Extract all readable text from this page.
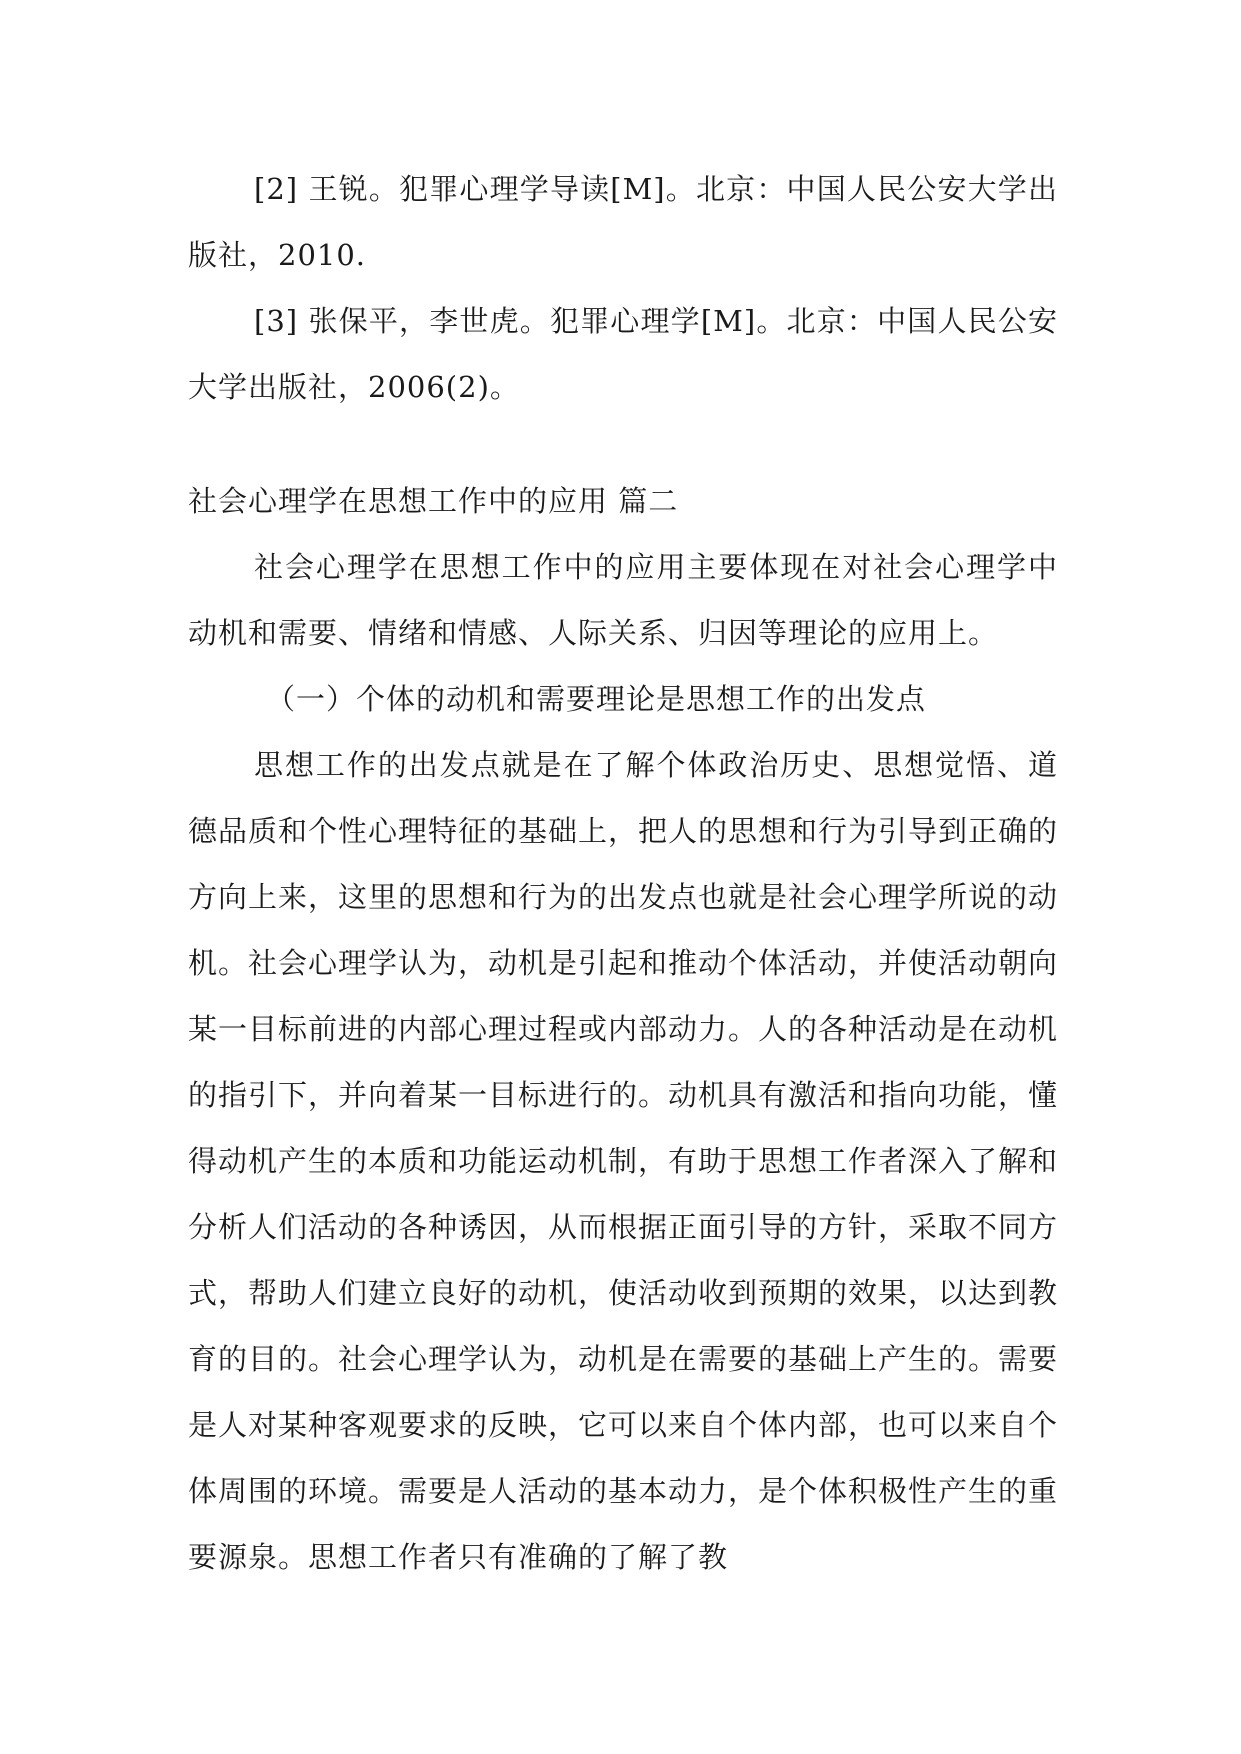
[2] 王锐。犯罪心理学导读[M]。北京：中国人民公安大学出版社，2010.

[3] 张保平，李世虎。犯罪心理学[M]。北京：中国人民公安大学出版社，2006(2)。

社会心理学在思想工作中的应用 篇二

社会心理学在思想工作中的应用主要体现在对社会心理学中动机和需要、情绪和情感、人际关系、归因等理论的应用上。

（一）个体的动机和需要理论是思想工作的出发点

思想工作的出发点就是在了解个体政治历史、思想觉悟、道德品质和个性心理特征的基础上，把人的思想和行为引导到正确的方向上来，这里的思想和行为的出发点也就是社会心理学所说的动机。社会心理学认为，动机是引起和推动个体活动，并使活动朝向某一目标前进的内部心理过程或内部动力。人的各种活动是在动机的指引下，并向着某一目标进行的。动机具有激活和指向功能，懂得动机产生的本质和功能运动机制，有助于思想工作者深入了解和分析人们活动的各种诱因，从而根据正面引导的方针，采取不同方式，帮助人们建立良好的动机，使活动收到预期的效果，以达到教育的目的。社会心理学认为，动机是在需要的基础上产生的。需要是人对某种客观要求的反映，它可以来自个体内部，也可以来自个体周围的环境。需要是人活动的基本动力，是个体积极性产生的重要源泉。思想工作者只有准确的了解了教
